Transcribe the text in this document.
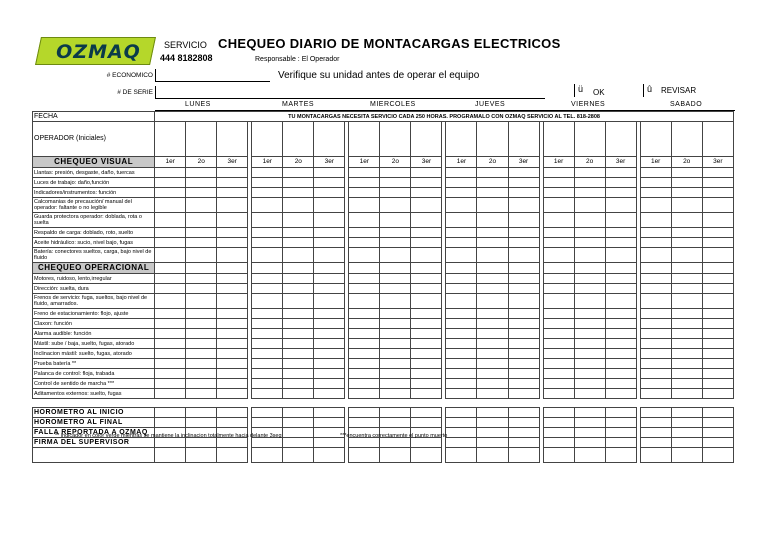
OZMAQ	SERVICIO
444 8182808
CHEQUEO DIARIO DE MONTACARGAS ELECTRICOS
Responsable : El Operador
Verifique su unidad antes de operar el equipo
# ECONOMICO
# DE SERIE	ü OK	û REVISAR
LUNES	MARTES	MIERCOLES	JUEVES	VIERNES	SABADO
FECHA	TU MONTACARGAS NECESITA SERVICIO CADA 250 HORAS. PROGRAMALO CON OZMAQ SERVICIO AL TEL. 818-2808																						
OPERADOR (Iniciales)																							
CHEQUEO VISUAL	1er	2o	3er		1er	2o	3er		1er	2o	3er		1er	2o	3er		1er	2o	3er		1er	2o	3er
Llantas: presión, desgaste, daño, tuercas																							
Luces de trabajo: daño,función																							
Indicadores/instrumentos: función																							
Calcomanias de precaución/ manual del operador: faltante o no legible																							
Guarda protectora operador: doblada, rota o suelta																							
Respaldo de carga: doblado, roto, suelto																							
Aceite hidráulico: sucio, nivel bajo, fugas																							
Batería: conectores sueltos, carga, bajo nivel de fluido																							
CHEQUEO OPERACIONAL																							
Motores, ruidoso, lento,irregular																							
Dirección: suelta, dura																							
Frenos de servicio: fuga, sueltos, bajo nivel de fluido, amarrados.																							
Freno de estacionamiento: flojo, ajuste																							
Claxon: función																							
Alarma audible: función																							
Mástil: sube / baja, suelto, fugas, atorado																							
Inclinacion mástil: suelto, fugas, atorado																							
Prueba batería **																							
Palanca de control: floja, trabada																							
Control de sentido de marcha ***																							
Aditamentos externos: suelto, fugas																							

HOROMETRO AL INICIO																							
HOROMETRO AL FINAL																							
FALLA REPORTADA A OZMAQ																							
FIRMA DEL SUPERVISOR																							

** indicador en color verde mientras se mantiene la inclinacion totalmente hacia delante 3seg	***encuentra correctamente el punto muerto
